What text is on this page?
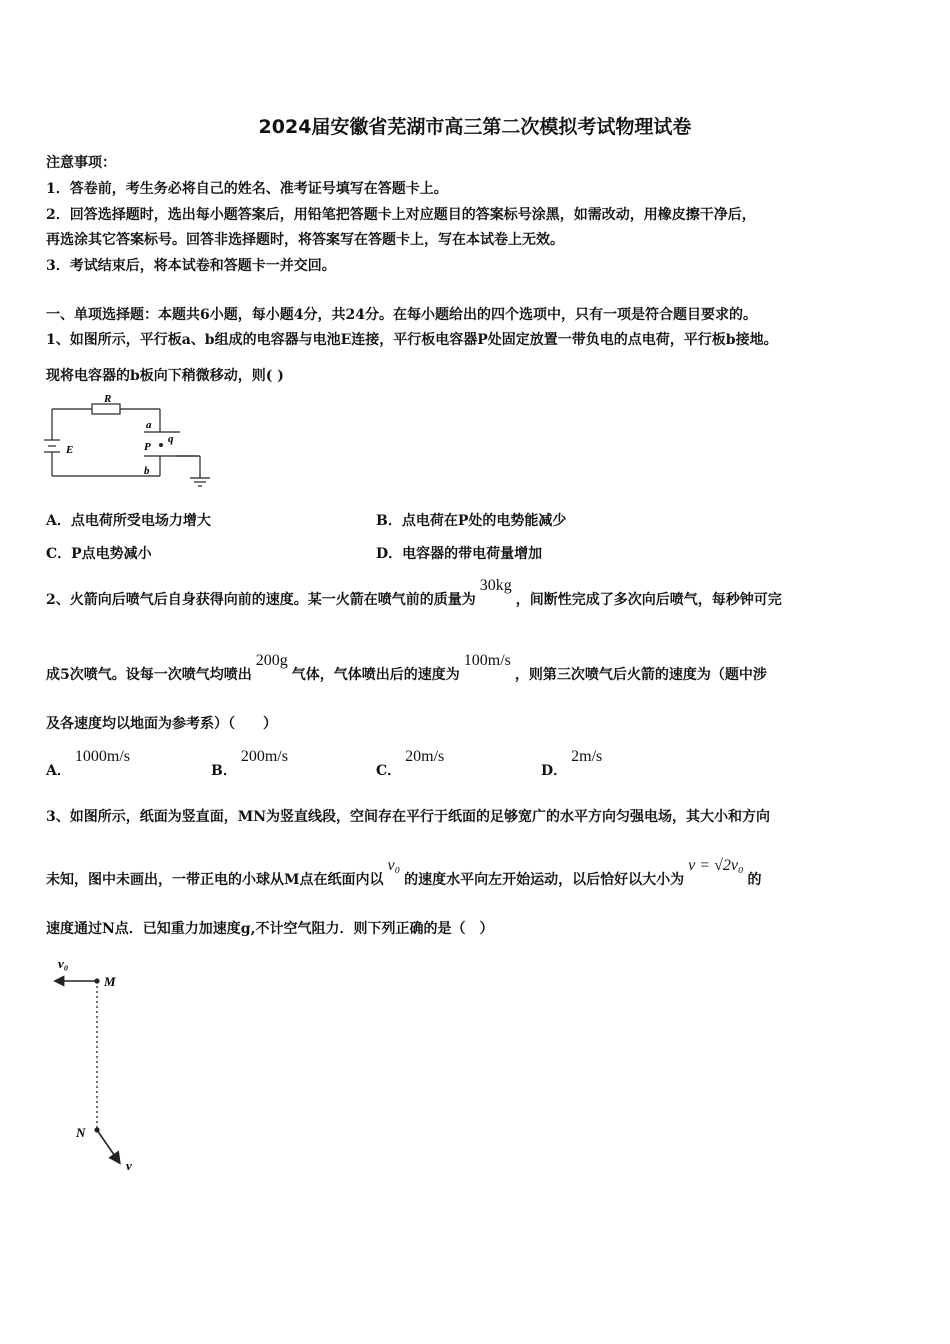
2024届安徽省芜湖市高三第二次模拟考试物理试卷
注意事项：
1．答卷前，考生务必将自己的姓名、准考证号填写在答题卡上。
2．回答选择题时，选出每小题答案后，用铅笔把答题卡上对应题目的答案标号涂黑，如需改动，用橡皮擦干净后，
再选涂其它答案标号。回答非选择题时，将答案写在答题卡上，写在本试卷上无效。
3．考试结束后，将本试卷和答题卡一并交回。
一、单项选择题：本题共6小题，每小题4分，共24分。在每小题给出的四个选项中，只有一项是符合题目要求的。
1、如图所示，平行板a、b组成的电容器与电池E连接，平行板电容器P处固定放置一带负电的点电荷，平行板b接地。
现将电容器的b板向下稍微移动，则( )
R
E
a
P
q
b
A．点电荷所受电场力增大	B．点电荷在P处的电势能减少
C．P点电势减小	D．电容器的带电荷量增加
2、火箭向后喷气后自身获得向前的速度。某一火箭在喷气前的质量为30kg，间断性完成了多次向后喷气，每秒钟可完
成5次喷气。设每一次喷气均喷出200g气体，气体喷出后的速度为100m/s，则第三次喷气后火箭的速度为（题中涉
及各速度均以地面为参考系）（　　）
A．1000m/s
B．200m/s
C．20m/s
D．2m/s
3、如图所示，纸面为竖直面，MN为竖直线段，空间存在平行于纸面的足够宽广的水平方向匀强电场，其大小和方向
未知，图中未画出，一带正电的小球从M点在纸面内以v₀的速度水平向左开始运动，以后恰好以大小为v = √2v₀的
速度通过N点．已知重力加速度g,不计空气阻力．则下列正确的是（　）
v₀
M
N
v
